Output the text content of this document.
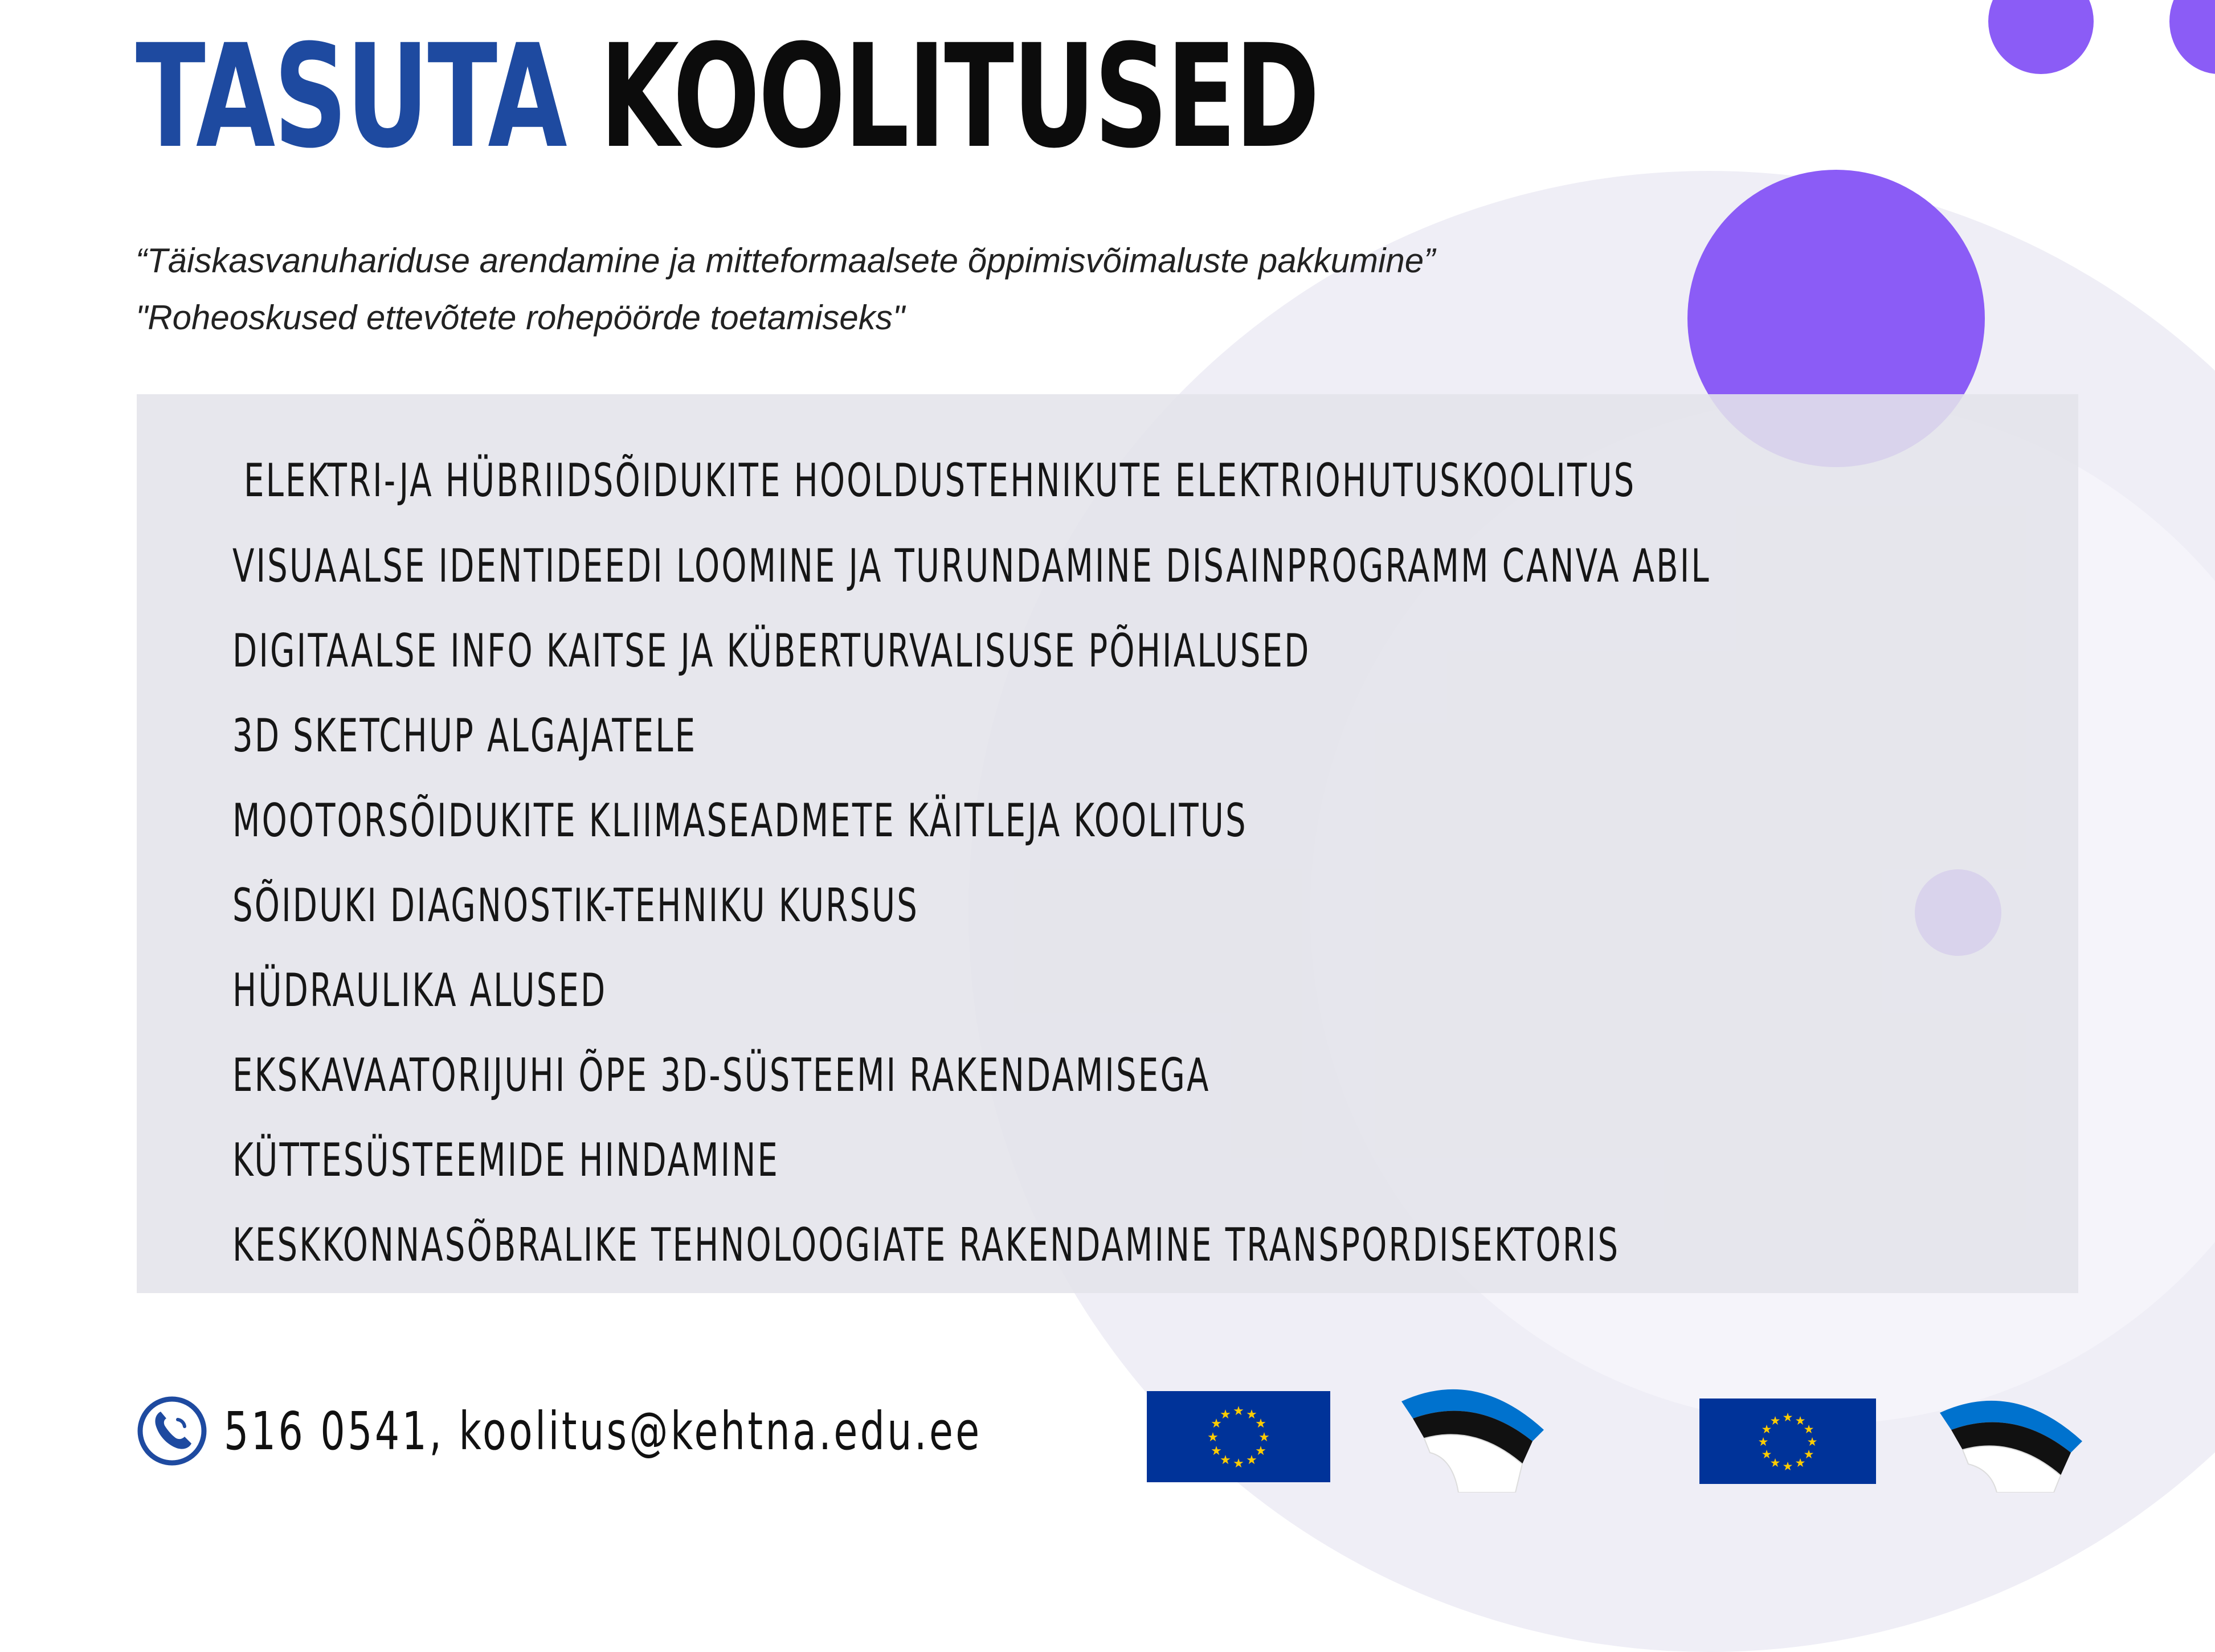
TASUTA KOOLITUSED

“Täiskasvanuhariduse arendamine ja mitteformaalsete õppimisvõimaluste pakkumine”

"Roheoskused ettevõtete rohepöörde toetamiseks"

ELEKTRI-JA HÜBRIIDSÕIDUKITE HOOLDUSTEHNIKUTE ELEKTRIOHUTUSKOOLITUS
VISUAALSE IDENTIDEEDI LOOMINE JA TURUNDAMINE DISAINPROGRAMM CANVA ABIL
DIGITAALSE INFO KAITSE JA KÜBERTURVALISUSE PÕHIALUSED
3D SKETCHUP ALGAJATELE
MOOTORSÕIDUKITE KLIIMASEADMETE KÄITLEJA KOOLITUS
SÕIDUKI DIAGNOSTIK-TEHNIKU KURSUS
HÜDRAULIKA ALUSED
EKSKAVAATORIJUHI ÕPE 3D-SÜSTEEMI RAKENDAMISEGA
KÜTTESÜSTEEMIDE HINDAMINE
KESKKONNASÕBRALIKE TEHNOLOOGIATE RAKENDAMINE TRANSPORDISEKTORIS
516 0541, koolitus@kehtna.edu.ee	★ ★
★
★
★
★
★
★
★
★
★
★	★ ★
★
★
★
★
★
★
★
★
★
★
